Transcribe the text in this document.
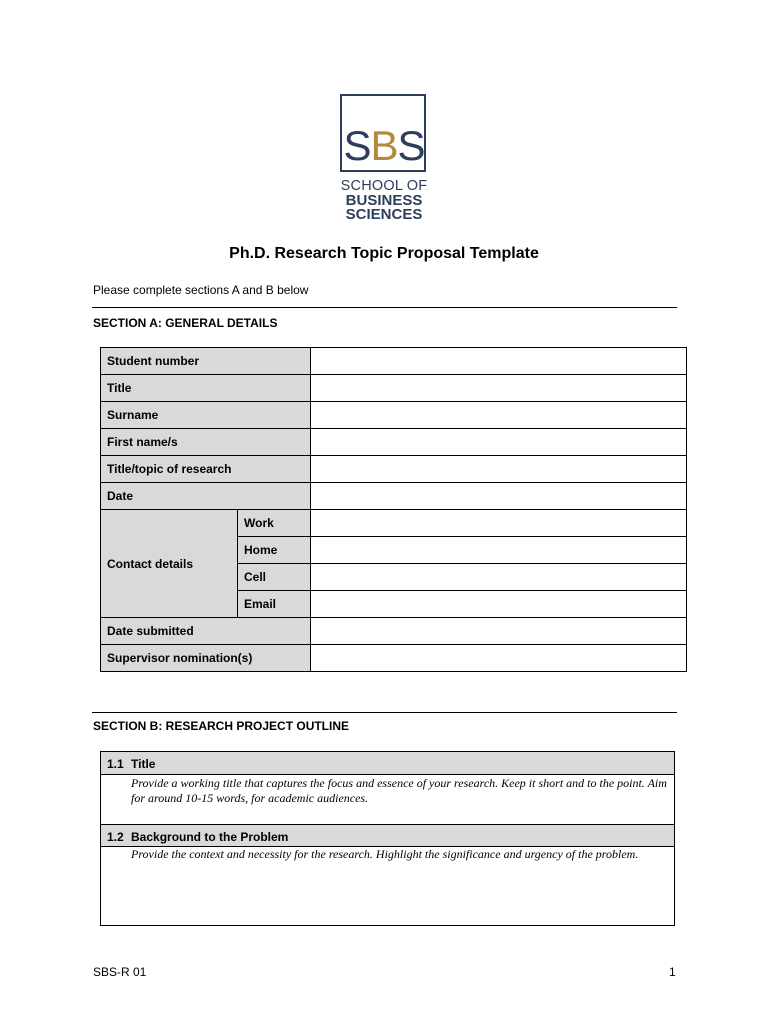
SBS
SCHOOL OF
BUSINESS
SCIENCES
Ph.D. Research Topic Proposal Template
Please complete sections A and B below
SECTION A: GENERAL DETAILS
Student number		
Title		
Surname		
First name/s		
Title/topic of research		
Date		
Contact details	Work	
	Home	
	Cell	
	Email	
Date submitted		
Supervisor nomination(s)		
SECTION B: RESEARCH PROJECT OUTLINE
1.1 Title
Provide a working title that captures the focus and essence of your research. Keep it short and to the point. Aim for around 10-15 words, for academic audiences.
1.2 Background to the Problem
Provide the context and necessity for the research. Highlight the significance and urgency of the problem.
SBS-R 01	1
